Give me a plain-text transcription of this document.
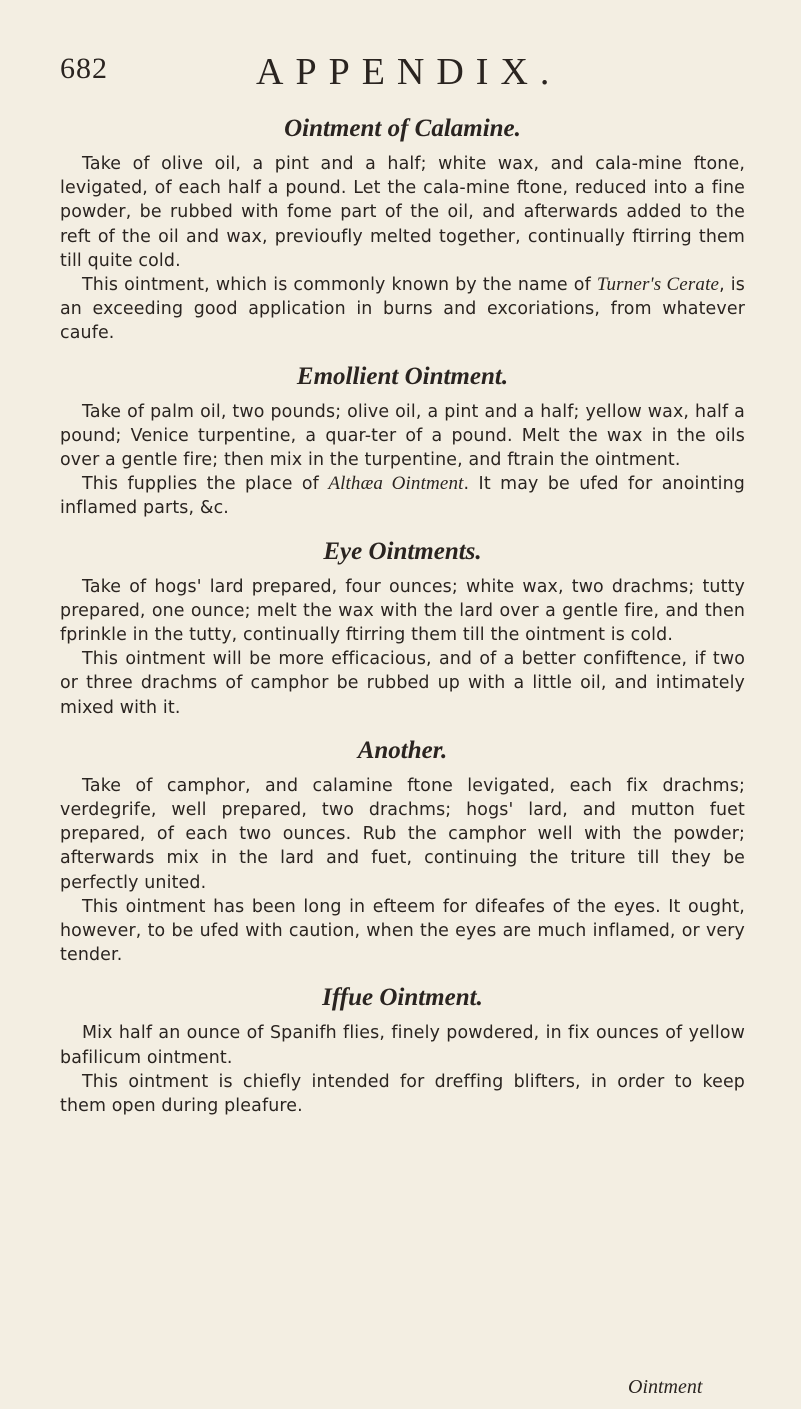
682	APPENDIX.
Ointment of Calamine.

Take of olive oil, a pint and a half; white wax, and cala-mine ftone, levigated, of each half a pound. Let the cala-mine ftone, reduced into a fine powder, be rubbed with fome part of the oil, and afterwards added to the reft of the oil and wax, previoufly melted together, continually ftirring them till quite cold.

This ointment, which is commonly known by the name of Turner's Cerate, is an exceeding good application in burns and excoriations, from whatever caufe.

Emollient Ointment.

Take of palm oil, two pounds; olive oil, a pint and a half; yellow wax, half a pound; Venice turpentine, a quar-ter of a pound. Melt the wax in the oils over a gentle fire; then mix in the turpentine, and ftrain the ointment.

This fupplies the place of Althæa Ointment. It may be ufed for anointing inflamed parts, &c.

Eye Ointments.

Take of hogs' lard prepared, four ounces; white wax, two drachms; tutty prepared, one ounce; melt the wax with the lard over a gentle fire, and then fprinkle in the tutty, continually ftirring them till the ointment is cold.

This ointment will be more efficacious, and of a better confiftence, if two or three drachms of camphor be rubbed up with a little oil, and intimately mixed with it.

Another.

Take of camphor, and calamine ftone levigated, each fix drachms; verdegrife, well prepared, two drachms; hogs' lard, and mutton fuet prepared, of each two ounces. Rub the camphor well with the powder; afterwards mix in the lard and fuet, continuing the triture till they be perfectly united.

This ointment has been long in efteem for difeafes of the eyes. It ought, however, to be ufed with caution, when the eyes are much inflamed, or very tender.

Iffue Ointment.

Mix half an ounce of Spanifh flies, finely powdered, in fix ounces of yellow bafilicum ointment.

This ointment is chiefly intended for dreffing blifters, in order to keep them open during pleafure.

Ointment
